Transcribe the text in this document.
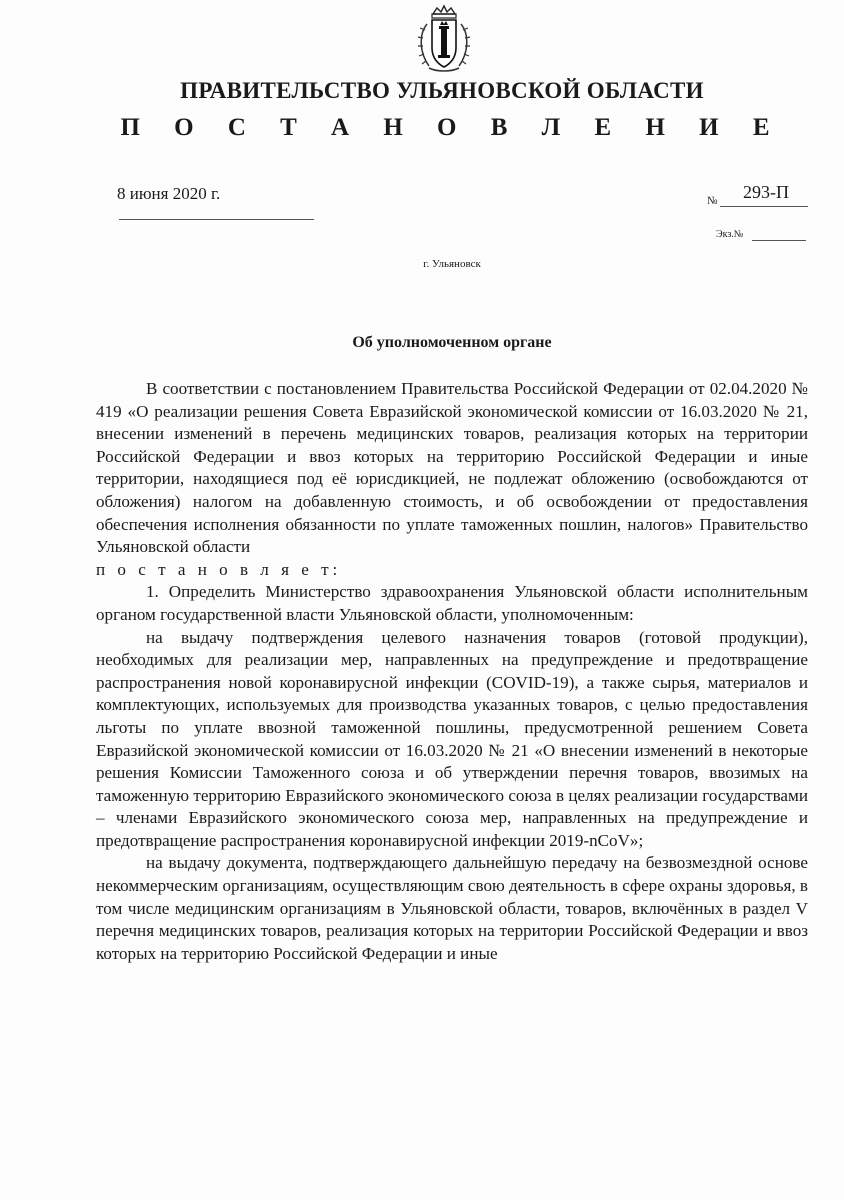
ПРАВИТЕЛЬСТВО УЛЬЯНОВСКОЙ ОБЛАСТИ
П О С Т А Н О В Л Е Н И Е
8 июня 2020 г.	№ 293-П
Экз.№
г. Ульяновск
Об уполномоченном органе

В соответствии с постановлением Правительства Российской Федерации от 02.04.2020 № 419 «О реализации решения Совета Евразийской экономической комиссии от 16.03.2020 № 21, внесении изменений в перечень медицинских товаров, реализация которых на территории Российской Федерации и ввоз которых на территорию Российской Федерации и иные территории, находящиеся под её юрисдикцией, не подлежат обложению (освобождаются от обложения) налогом на добавленную стоимость, и об освобождении от предоставления обеспечения исполнения обязанности по уплате таможенных пошлин, налогов» Правительство Ульяновской области

п о с т а н о в л я е т:

1. Определить Министерство здравоохранения Ульяновской области исполнительным органом государственной власти Ульяновской области, уполномоченным:

на выдачу подтверждения целевого назначения товаров (готовой продукции), необходимых для реализации мер, направленных на предупреждение и предотвращение распространения новой коронавирусной инфекции (COVID-19), а также сырья, материалов и комплектующих, используемых для производства указанных товаров, с целью предоставления льготы по уплате ввозной таможенной пошлины, предусмотренной решением Совета Евразийской экономической комиссии от 16.03.2020 № 21 «О внесении изменений в некоторые решения Комиссии Таможенного союза и об утверждении перечня товаров, ввозимых на таможенную территорию Евразийского экономического союза в целях реализации государствами – членами Евразийского экономического союза мер, направленных на предупреждение и предотвращение распространения коронавирусной инфекции 2019-nCoV»;

на выдачу документа, подтверждающего дальнейшую передачу на безвозмездной основе некоммерческим организациям, осуществляющим свою деятельность в сфере охраны здоровья, в том числе медицинским организациям в Ульяновской области, товаров, включённых в раздел V перечня медицинских товаров, реализация которых на территории Российской Федерации и ввоз которых на территорию Российской Федерации и иные
